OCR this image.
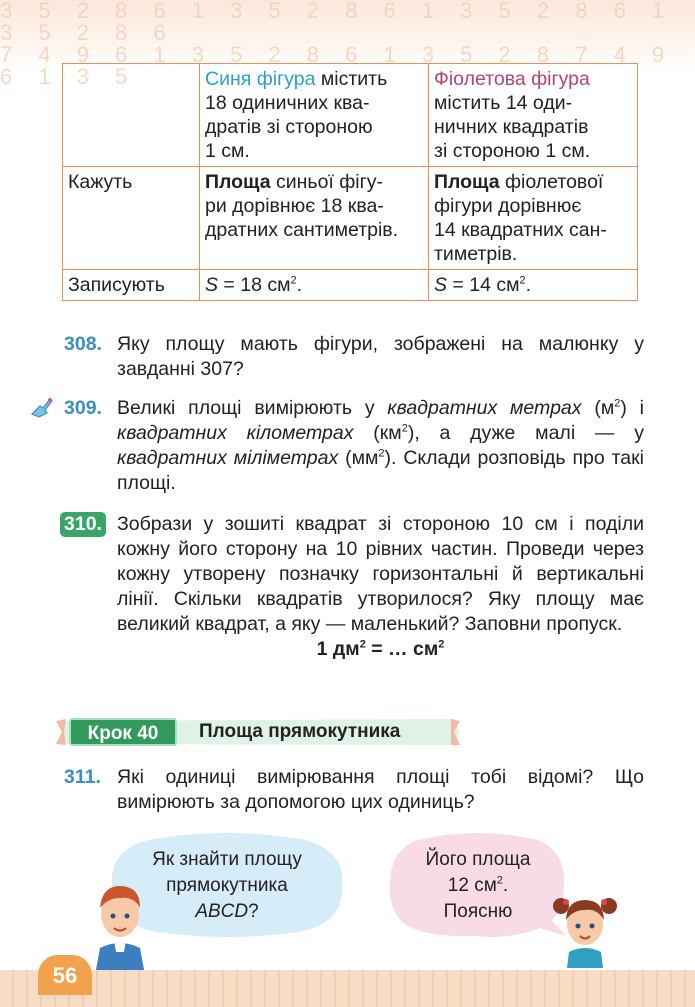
3 5 2 8 6 1 3 5 2 8 6 1 3 5 2 8 6 1 3 5 2 8 6
7 4 9 6 1 3 5 2 8 6 1 3 5 2 8 7 4 9 6 1 3 5
		Синя фігура містить
18 одиничних ква-
дратів зі стороною
1 см.	Фіолетова фігура
містить 14 оди-
ничних квадратів
зі стороною 1 см.
Кажуть	Площа синьої фігу-
ри дорівнює 18 ква-
дратних сантиметрів.	Площа фіолетової
фігури дорівнює
14 квадратних сан-
тиметрів.
Записують	S = 18 $см^2$.	S = 14 $см^2$.
308. Яку площу мають фігури, зображені на малюнку у завданні 307?
309. Великі площі вимірюють у квадратних метрах $(м^2)$ і квадратних кілометрах $(км^2)$, а дуже малі — у квадратних міліметрах $(мм^2)$. Склади розповідь про такі площі.
310. Зобрази у зошиті квадрат зі стороною 10 см і поділи кожну його сторону на 10 рівних частин. Проведи через кожну утворену позначку горизонтальні й вертикальні лінії. Скільки квадратів утворилося? Яку площу має великий квадрат, а яку — маленький? Заповни пропуск.
1 $дм^2$ = … $см^2$
Крок 40	Площа прямокутника
311. Які одиниці вимірювання площі тобі відомі? Що вимірюють за допомогою цих одиниць?
Як знайти площу
прямокутника
ABCD?
Його площа
12 $см^2$.
Поясню
56
